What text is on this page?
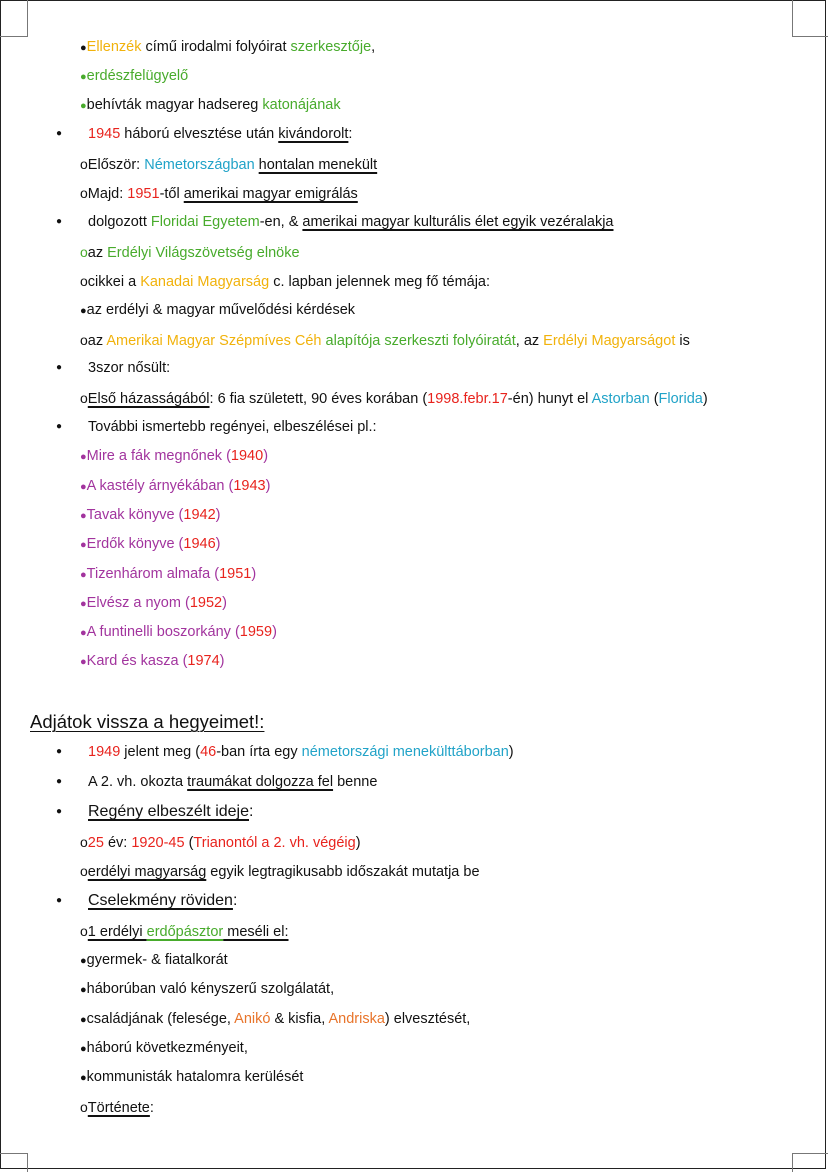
●Ellenzék című irodalmi folyóirat szerkesztője,
●erdészfelügyelő
●behívták magyar hadsereg katonájának
● 1945 háború elvesztése után kivándorolt:
oElőször: Németországban hontalan menekült
oMajd: 1951-től amerikai magyar emigrálás
● dolgozott Floridai Egyetem-en, & amerikai magyar kulturális élet egyik vezéralakja
oaz Erdélyi Világszövetség elnöke
ocikkei a Kanadai Magyarság c. lapban jelennek meg fő témája:
●az erdélyi & magyar művelődési kérdések
oaz Amerikai Magyar Szépmíves Céh alapítója szerkeszti folyóiratát, az Erdélyi Magyarságot is
● 3szor nősült:
oElső házasságából: 6 fia született, 90 éves korában (1998.febr.17-én) hunyt el Astorban (Florida)
● További ismertebb regényei, elbeszélései pl.:
●Mire a fák megnőnek (1940)
●A kastély árnyékában (1943)
●Tavak könyve (1942)
●Erdők könyve (1946)
●Tizenhárom almafa (1951)
●Elvész a nyom (1952)
●A funtinelli boszorkány (1959)
●Kard és kasza (1974)
Adjátok vissza a hegyeimet!:
● 1949 jelent meg (46-ban írta egy németországi menekülttáborban)
● A 2. vh. okozta traumákat dolgozza fel benne
● Regény elbeszélt ideje:
o25 év: 1920-45 (Trianontól a 2. vh. végéig)
oerdélyi magyarság egyik legtragikusabb időszakát mutatja be
● Cselekmény röviden:
o1 erdélyi erdőpásztor meséli el:
●gyermek- & fiatalkorát
●háborúban való kényszerű szolgálatát,
●családjának (felesége, Anikó & kisfia, Andriska) elvesztését,
●háború következményeit,
●kommunisták hatalomra kerülését
oTörténete:
